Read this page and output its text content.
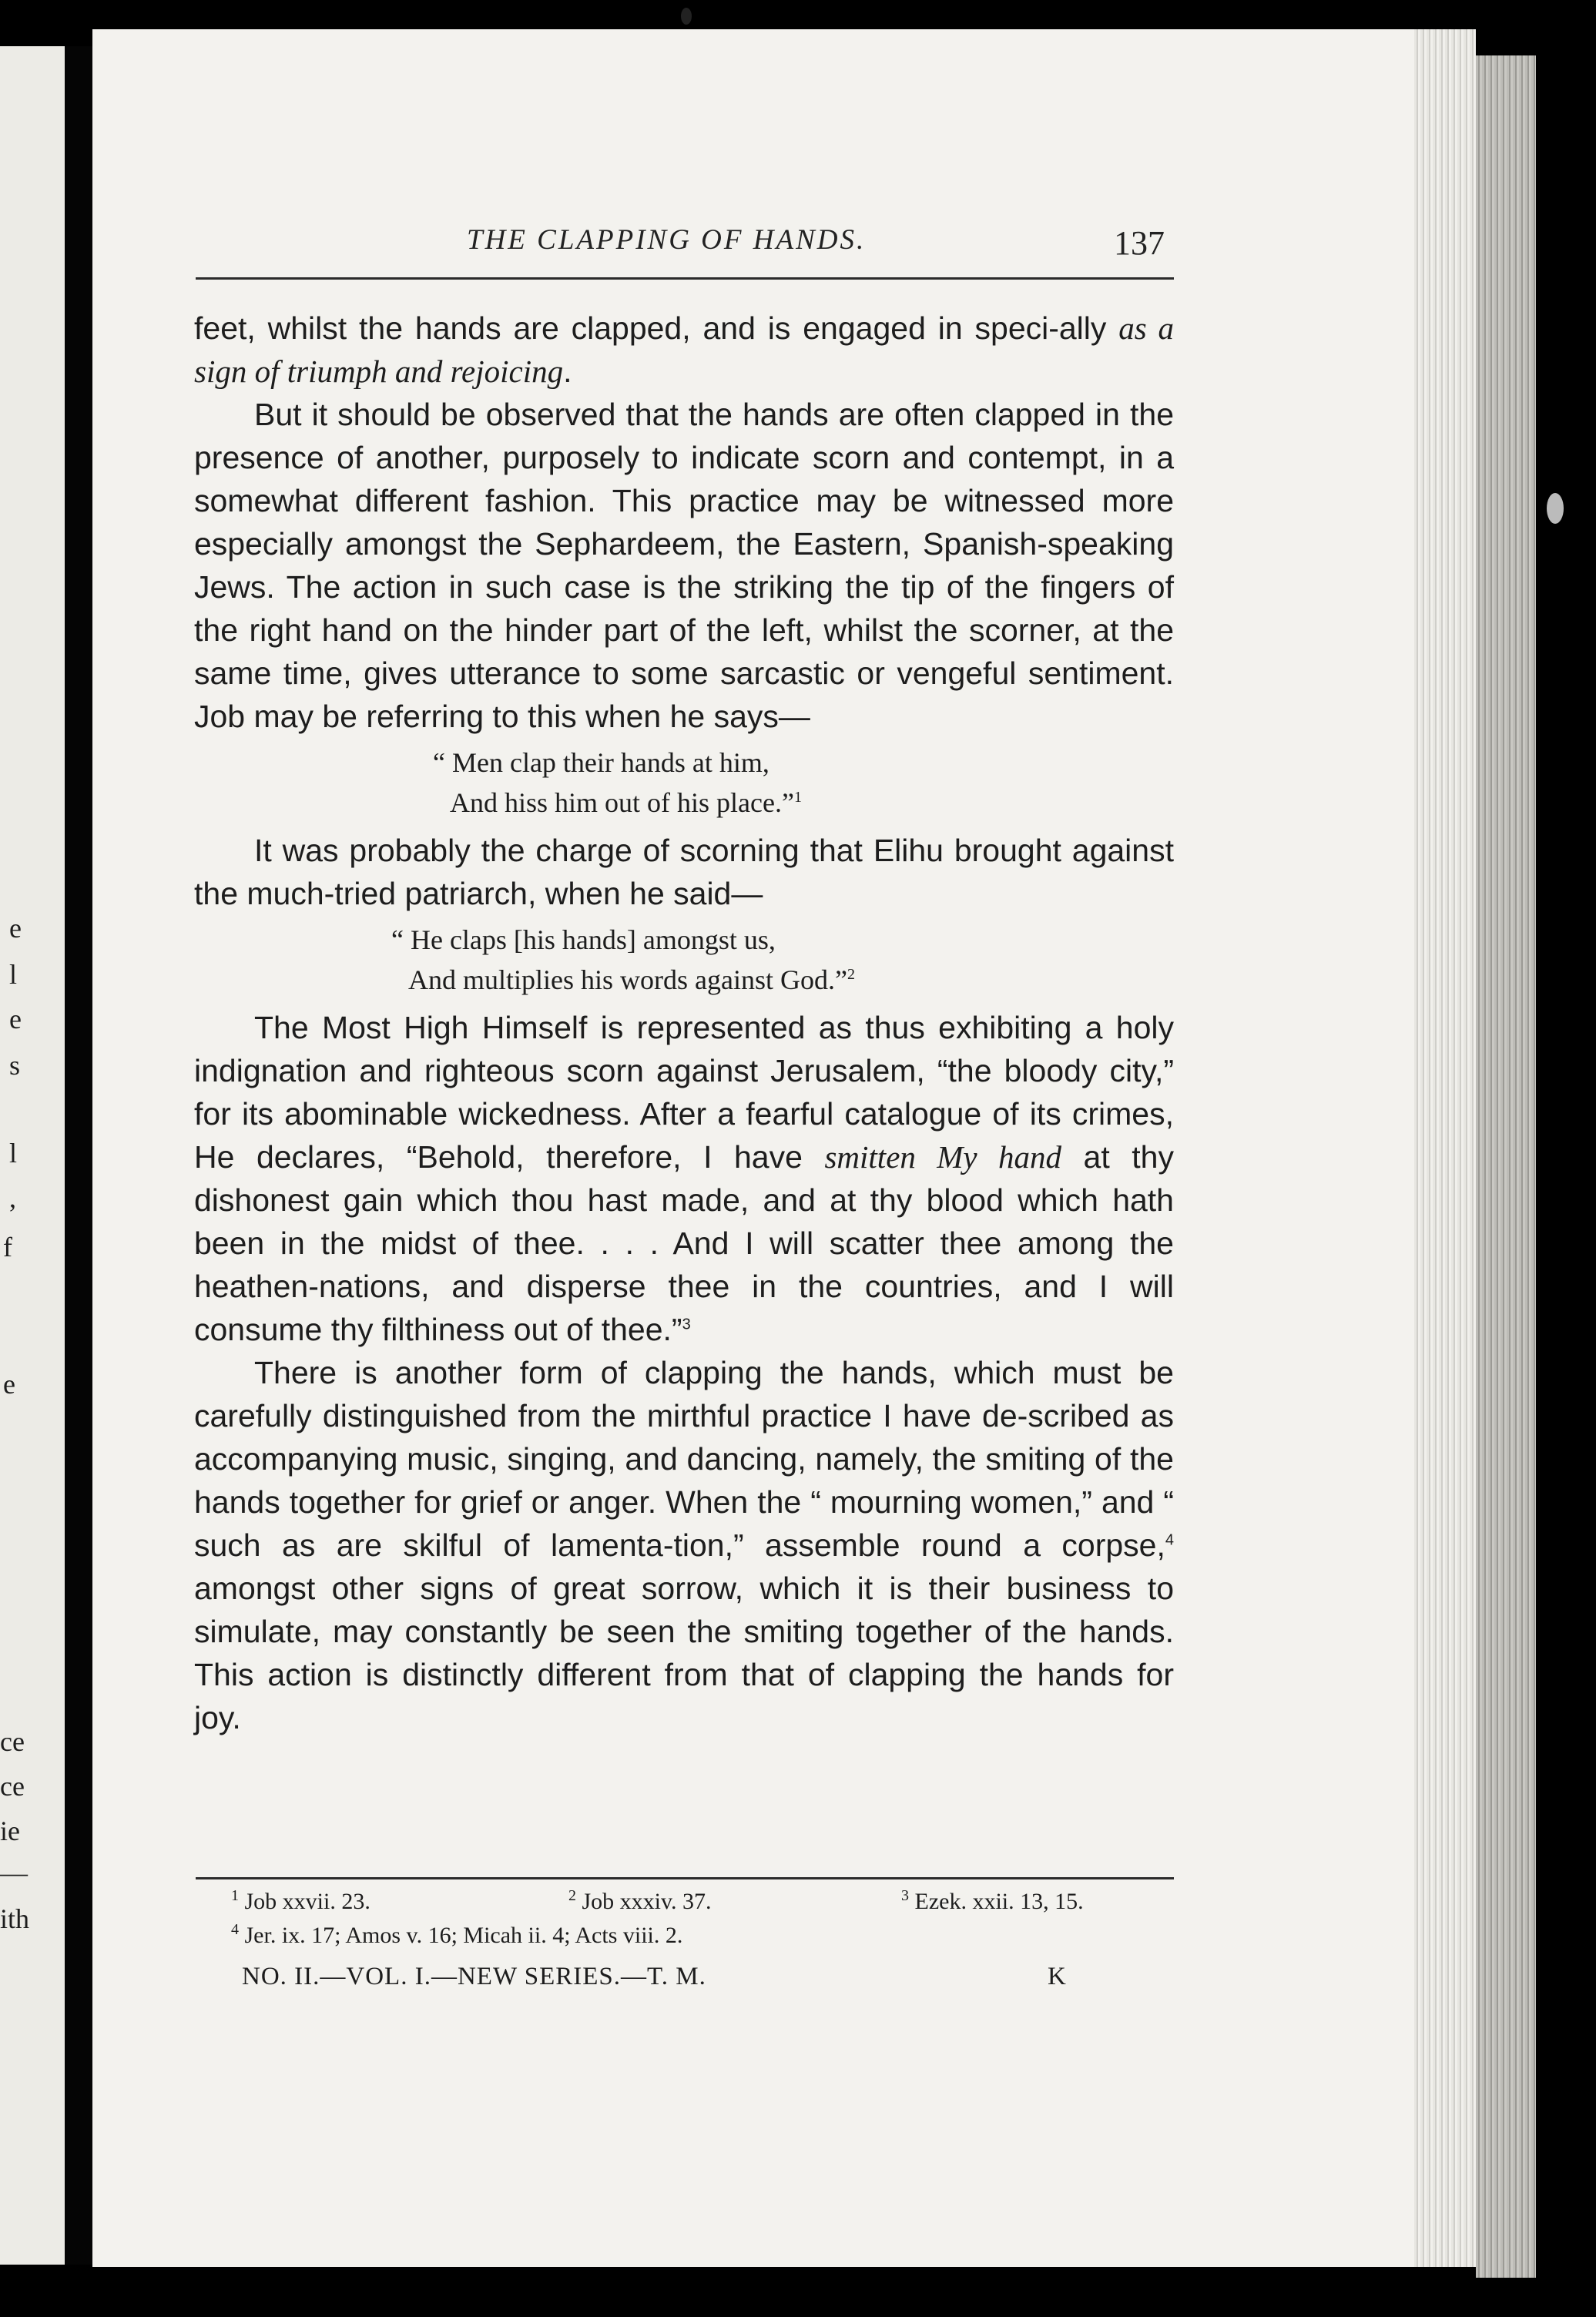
e
l
e
s
l
,
f
e
ce
ce
ie
—
ith
THE CLAPPING OF HANDS.	137

feet, whilst the hands are clapped, and is engaged in speci-ally as a sign of triumph and rejoicing.

But it should be observed that the hands are often clapped in the presence of another, purposely to indicate scorn and contempt, in a somewhat different fashion. This practice may be witnessed more especially amongst the Sephardeem, the Eastern, Spanish-speaking Jews. The action in such case is the striking the tip of the fingers of the right hand on the hinder part of the left, whilst the scorner, at the same time, gives utterance to some sarcastic or vengeful sentiment. Job may be referring to this when he says—

“ Men clap their hands at him,
And hiss him out of his place.”$^1$

It was probably the charge of scorning that Elihu brought against the much-tried patriarch, when he said—

“ He claps [his hands] amongst us,
And multiplies his words against God.”$^2$

The Most High Himself is represented as thus exhibiting a holy indignation and righteous scorn against Jerusalem, “the bloody city,” for its abominable wickedness. After a fearful catalogue of its crimes, He declares, “Behold, therefore, I have smitten My hand at thy dishonest gain which thou hast made, and at thy blood which hath been in the midst of thee. . . . And I will scatter thee among the heathen-nations, and disperse thee in the countries, and I will consume thy filthiness out of thee.”$^3$

There is another form of clapping the hands, which must be carefully distinguished from the mirthful practice I have de-scribed as accompanying music, singing, and dancing, namely, the smiting of the hands together for grief or anger. When the “ mourning women,” and “ such as are skilful of lamenta-tion,” assemble round a corpse,$^4$ amongst other signs of great sorrow, which it is their business to simulate, may constantly be seen the smiting together of the hands. This action is distinctly different from that of clapping the hands for joy.

$^1$ Job xxvii. 23.	$^2$ Job xxxiv. 37.	$^3$ Ezek. xxii. 13, 15.
$^4$ Jer. ix. 17; Amos v. 16; Micah ii. 4; Acts viii. 2.
NO. II.—VOL. I.—NEW SERIES.—T. M.	K
